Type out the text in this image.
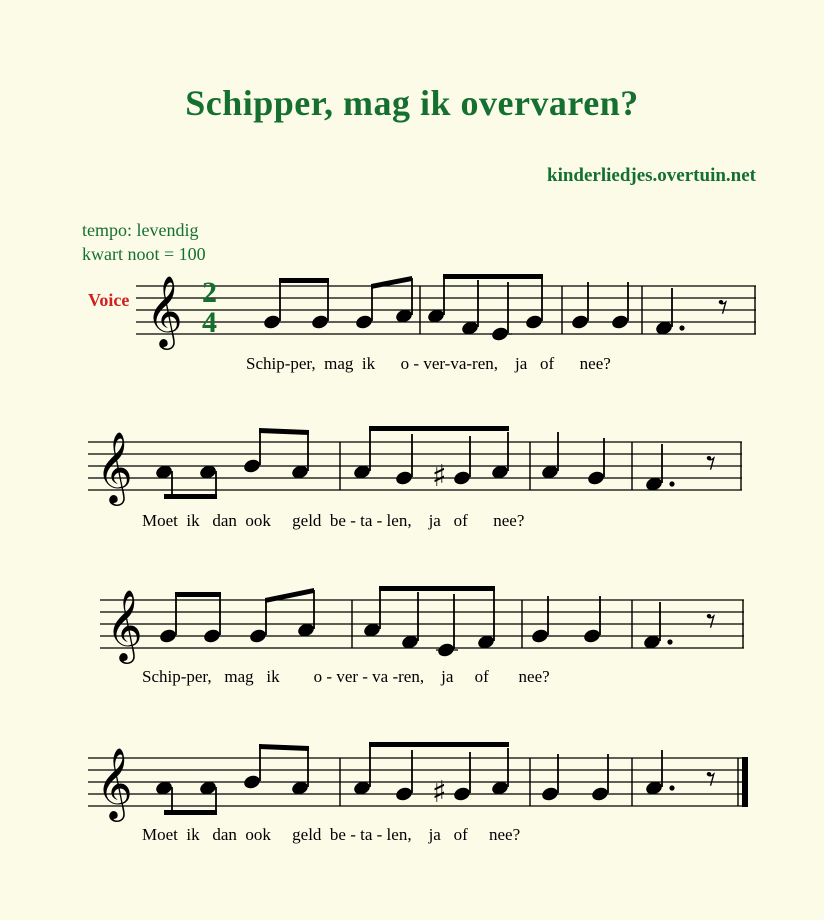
Schipper, mag ik overvaren?
kinderliedjes.overtuin.net
tempo: levendig
kwart noot = 100
Voice 𝄞 2
4	𝄾
Schip-per,  mag  ik      o - ver-va-ren,    ja   of      nee?
𝄞	♯	𝄾
Moet  ik   dan  ook     geld  be - ta - len,    ja   of      nee?
𝄞	𝄾
Schip-per,   mag   ik        o - ver - va -ren,    ja     of       nee?
𝄞	♯	𝄾
Moet  ik   dan  ook     geld  be - ta - len,    ja   of     nee?
